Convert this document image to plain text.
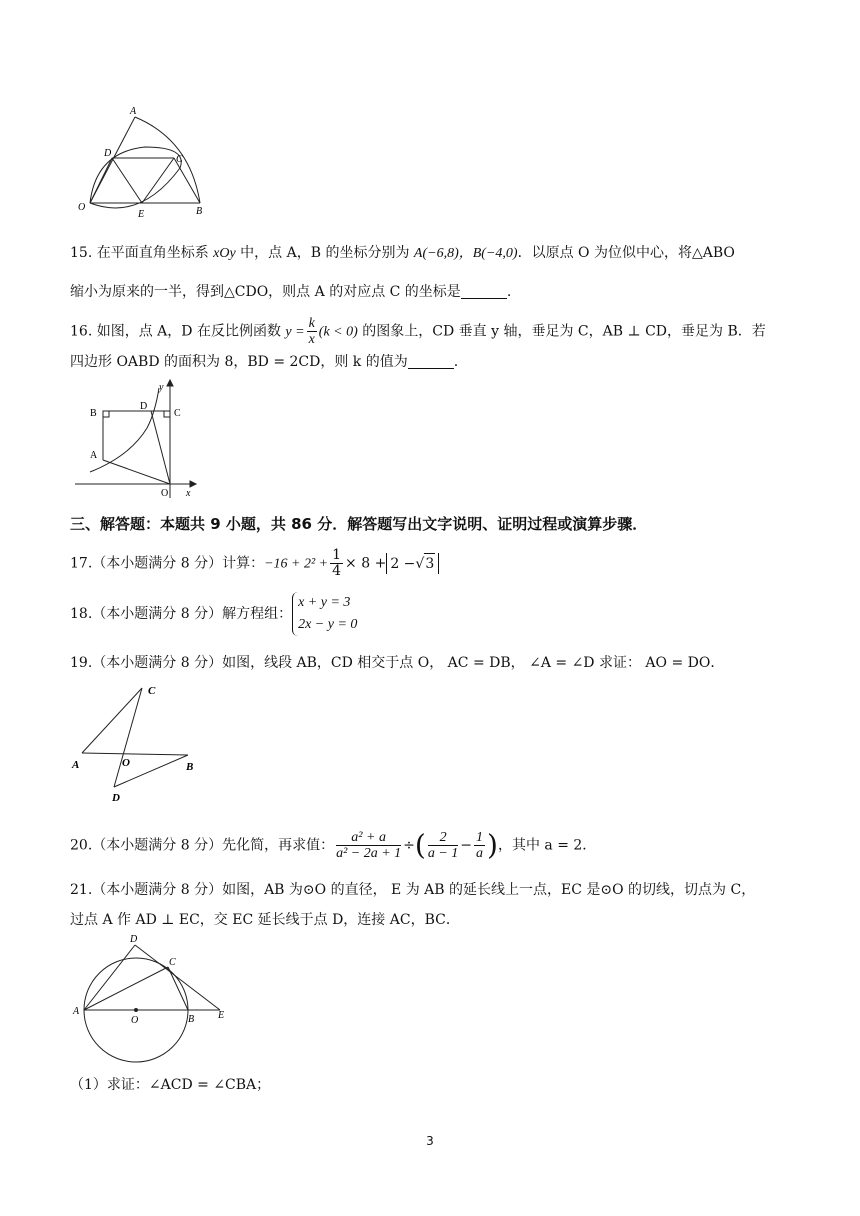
A
D
C
O
E	B
15. 在平面直角坐标系 xOy 中，点 A，B 的坐标分别为 A(−6,8)，B(−4,0)．以原点 O 为位似中心，将△ABO
缩小为原来的一半，得到△CDO，则点 A 的对应点 C 的坐标是	.
16. 如图，点 A，D 在反比例函数 $y = \frac{k}{x} (k < 0)$ 的图象上，CD 垂直 y 轴，垂足为 C，AB ⊥ CD，垂足为 B．若
四边形 OABD 的面积为 8，BD = 2CD，则 k 的值为	.
y
B
D
C
A
O x
三、解答题：本题共 9 小题，共 86 分．解答题写出文字说明、证明过程或演算步骤．
17.（本小题满分 8 分）计算：$-16 + 2^2 + \frac{1}{4} \times 8 + 2 -√3$
18.（本小题满分 8 分）解方程组：
x + y = 3
2x − y = 0
19.（本小题满分 8 分）如图，线段 AB，CD 相交于点 O， AC = DB， ∠A = ∠D 求证： AO = DO．
C
A	O	B
D
20.（本小题满分 8 分）先化简，再求值： $\frac{\text{a² + a}}{\text{a² − 2a + 1}}$ ÷( $\frac{2}{a - 1} - \frac{1}{a}$ )，其中 a = 2．
21.（本小题满分 8 分）如图，AB 为⊙O 的直径， E 为 AB 的延长线上一点，EC 是⊙O 的切线，切点为 C，
过点 A 作 AD ⊥ EC，交 EC 延长线于点 D，连接 AC，BC．
D
C
A
O	B E
（1）求证：∠ACD = ∠CBA；
3
